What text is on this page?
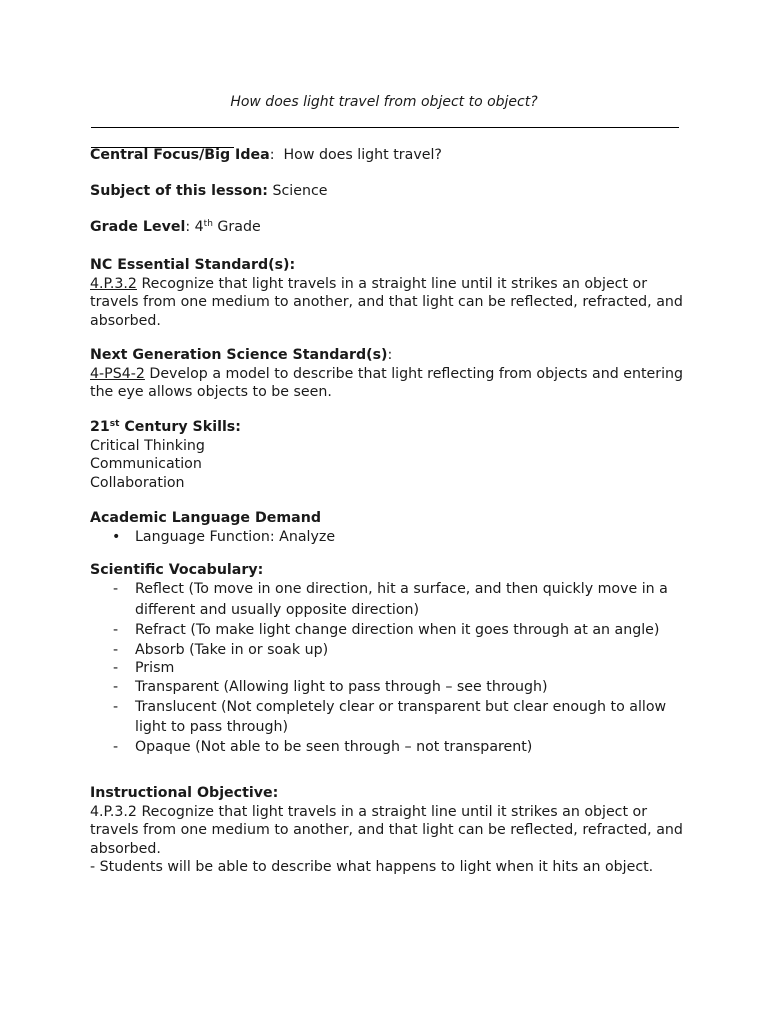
How does light travel from object to object?
Central Focus/Big Idea:  How does light travel?
Subject of this lesson: Science
Grade Level: 4th Grade
NC Essential Standard(s):
4.P.3.2 Recognize that light travels in a straight line until it strikes an object or travels from one medium to another, and that light can be reflected, refracted, and absorbed.
Next Generation Science Standard(s):
4-PS4-2 Develop a model to describe that light reflecting from objects and entering the eye allows objects to be seen.
21st Century Skills:
Critical Thinking
Communication
Collaboration
Academic Language Demand
• Language Function: Analyze
Scientific Vocabulary:
- Reflect (To move in one direction, hit a surface, and then quickly move in a different and usually opposite direction)
- Refract (To make light change direction when it goes through at an angle)
- Absorb (Take in or soak up)
- Prism
- Transparent (Allowing light to pass through – see through)
- Translucent (Not completely clear or transparent but clear enough to allow light to pass through)
- Opaque (Not able to be seen through – not transparent)
Instructional Objective:
4.P.3.2 Recognize that light travels in a straight line until it strikes an object or travels from one medium to another, and that light can be reflected, refracted, and absorbed.
- Students will be able to describe what happens to light when it hits an object.
